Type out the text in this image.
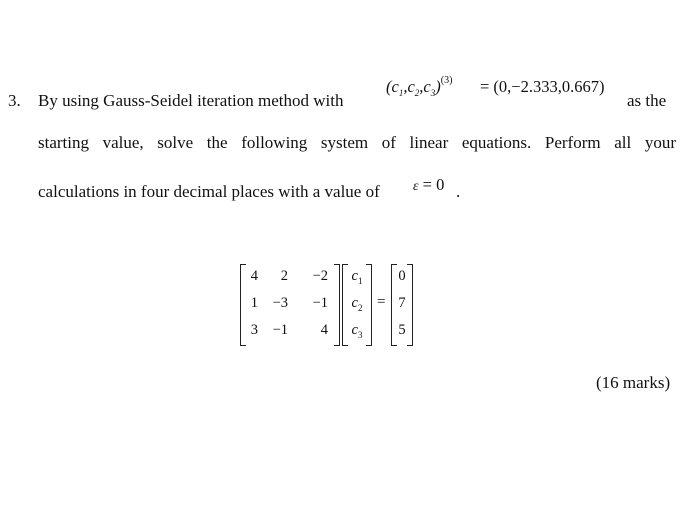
3. By using Gauss-Seidel iteration method with
$(c_1,c_2,c_3)^{(3)} = (0,-2.333,0.667)$
as the
starting value, solve the following system of linear equations. Perform all your
calculations in four decimal places with a value of ε = 0 .
4	2	−2
1	−3	−1
3	−1	4
$c_1$
$c_2$
$c_3$
=
0
7
5
(16 marks)
